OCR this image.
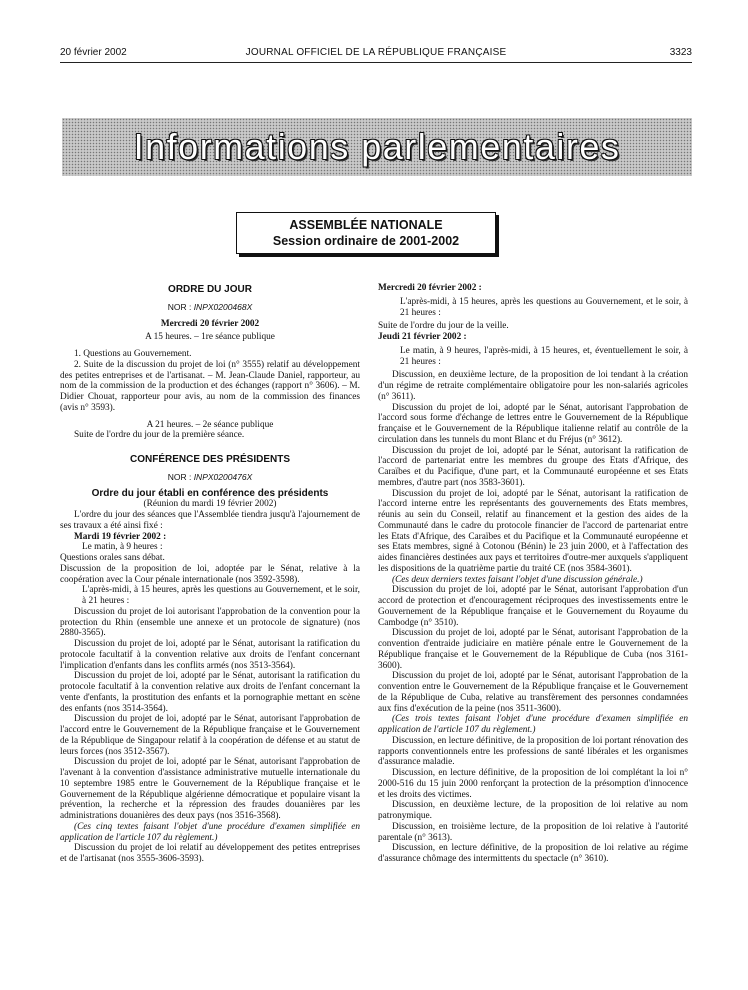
20 février 2002	JOURNAL OFFICIEL DE LA RÉPUBLIQUE FRANÇAISE	3323
Informations parlementaires
ASSEMBLÉE NATIONALE
Session ordinaire de 2001-2002

ORDRE DU JOUR

NOR : INPX0200468X

Mercredi 20 février 2002

A 15 heures. – 1re séance publique

1. Questions au Gouvernement.

2. Suite de la discussion du projet de loi (n° 3555) relatif au développement des petites entreprises et de l'artisanat. – M. Jean-Claude Daniel, rapporteur, au nom de la commission de la production et des échanges (rapport n° 3606). – M. Didier Chouat, rapporteur pour avis, au nom de la commission des finances (avis n° 3593).

A 21 heures. – 2e séance publique

Suite de l'ordre du jour de la première séance.

CONFÉRENCE DES PRÉSIDENTS

NOR : INPX0200476X

Ordre du jour établi en conférence des présidents

(Réunion du mardi 19 février 2002)

L'ordre du jour des séances que l'Assemblée tiendra jusqu'à l'ajournement de ses travaux a été ainsi fixé :

Mardi 19 février 2002 :

Le matin, à 9 heures :

Questions orales sans débat.

Discussion de la proposition de loi, adoptée par le Sénat, relative à la coopération avec la Cour pénale internationale (nos 3592-3598).

L'après-midi, à 15 heures, après les questions au Gouvernement, et le soir, à 21 heures :

Discussion du projet de loi autorisant l'approbation de la convention pour la protection du Rhin (ensemble une annexe et un protocole de signature) (nos 2880-3565).

Discussion du projet de loi, adopté par le Sénat, autorisant la ratification du protocole facultatif à la convention relative aux droits de l'enfant concernant l'implication d'enfants dans les conflits armés (nos 3513-3564).

Discussion du projet de loi, adopté par le Sénat, autorisant la ratification du protocole facultatif à la convention relative aux droits de l'enfant concernant la vente d'enfants, la prostitution des enfants et la pornographie mettant en scène des enfants (nos 3514-3564).

Discussion du projet de loi, adopté par le Sénat, autorisant l'approbation de l'accord entre le Gouvernement de la République française et le Gouvernement de la République de Singapour relatif à la coopération de défense et au statut de leurs forces (nos 3512-3567).

Discussion du projet de loi, adopté par le Sénat, autorisant l'approbation de l'avenant à la convention d'assistance administrative mutuelle internationale du 10 septembre 1985 entre le Gouvernement de la République française et le Gouvernement de la République algérienne démocratique et populaire visant la prévention, la recherche et la répression des fraudes douanières par les administrations douanières des deux pays (nos 3516-3568).

(Ces cinq textes faisant l'objet d'une procédure d'examen simplifiée en application de l'article 107 du règlement.)

Discussion du projet de loi relatif au développement des petites entreprises et de l'artisanat (nos 3555-3606-3593).

Mercredi 20 février 2002 :

L'après-midi, à 15 heures, après les questions au Gouvernement, et le soir, à 21 heures :

Suite de l'ordre du jour de la veille.

Jeudi 21 février 2002 :

Le matin, à 9 heures, l'après-midi, à 15 heures, et, éventuellement le soir, à 21 heures :

Discussion, en deuxième lecture, de la proposition de loi tendant à la création d'un régime de retraite complémentaire obligatoire pour les non-salariés agricoles (n° 3611).

Discussion du projet de loi, adopté par le Sénat, autorisant l'approbation de l'accord sous forme d'échange de lettres entre le Gouvernement de la République française et le Gouvernement de la République italienne relatif au contrôle de la circulation dans les tunnels du mont Blanc et du Fréjus (n° 3612).

Discussion du projet de loi, adopté par le Sénat, autorisant la ratification de l'accord de partenariat entre les membres du groupe des Etats d'Afrique, des Caraïbes et du Pacifique, d'une part, et la Communauté européenne et ses Etats membres, d'autre part (nos 3583-3601).

Discussion du projet de loi, adopté par le Sénat, autorisant la ratification de l'accord interne entre les représentants des gouvernements des Etats membres, réunis au sein du Conseil, relatif au financement et la gestion des aides de la Communauté dans le cadre du protocole financier de l'accord de partenariat entre les Etats d'Afrique, des Caraïbes et du Pacifique et la Communauté européenne et ses Etats membres, signé à Cotonou (Bénin) le 23 juin 2000, et à l'affectation des aides financières destinées aux pays et territoires d'outre-mer auxquels s'appliquent les dispositions de la quatrième partie du traité CE (nos 3584-3601).

(Ces deux derniers textes faisant l'objet d'une discussion générale.)

Discussion du projet de loi, adopté par le Sénat, autorisant l'approbation d'un accord de protection et d'encouragement réciproques des investissements entre le Gouvernement de la République française et le Gouvernement du Royaume du Cambodge (n° 3510).

Discussion du projet de loi, adopté par le Sénat, autorisant l'approbation de la convention d'entraide judiciaire en matière pénale entre le Gouvernement de la République française et le Gouvernement de la République de Cuba (nos 3161-3600).

Discussion du projet de loi, adopté par le Sénat, autorisant l'approbation de la convention entre le Gouvernement de la République française et le Gouvernement de la République de Cuba, relative au transfèrement des personnes condamnées aux fins d'exécution de la peine (nos 3511-3600).

(Ces trois textes faisant l'objet d'une procédure d'examen simplifiée en application de l'article 107 du règlement.)

Discussion, en lecture définitive, de la proposition de loi portant rénovation des rapports conventionnels entre les professions de santé libérales et les organismes d'assurance maladie.

Discussion, en lecture définitive, de la proposition de loi complétant la loi n° 2000-516 du 15 juin 2000 renforçant la protection de la présomption d'innocence et les droits des victimes.

Discussion, en deuxième lecture, de la proposition de loi relative au nom patronymique.

Discussion, en troisième lecture, de la proposition de loi relative à l'autorité parentale (n° 3613).

Discussion, en lecture définitive, de la proposition de loi relative au régime d'assurance chômage des intermittents du spectacle (n° 3610).
